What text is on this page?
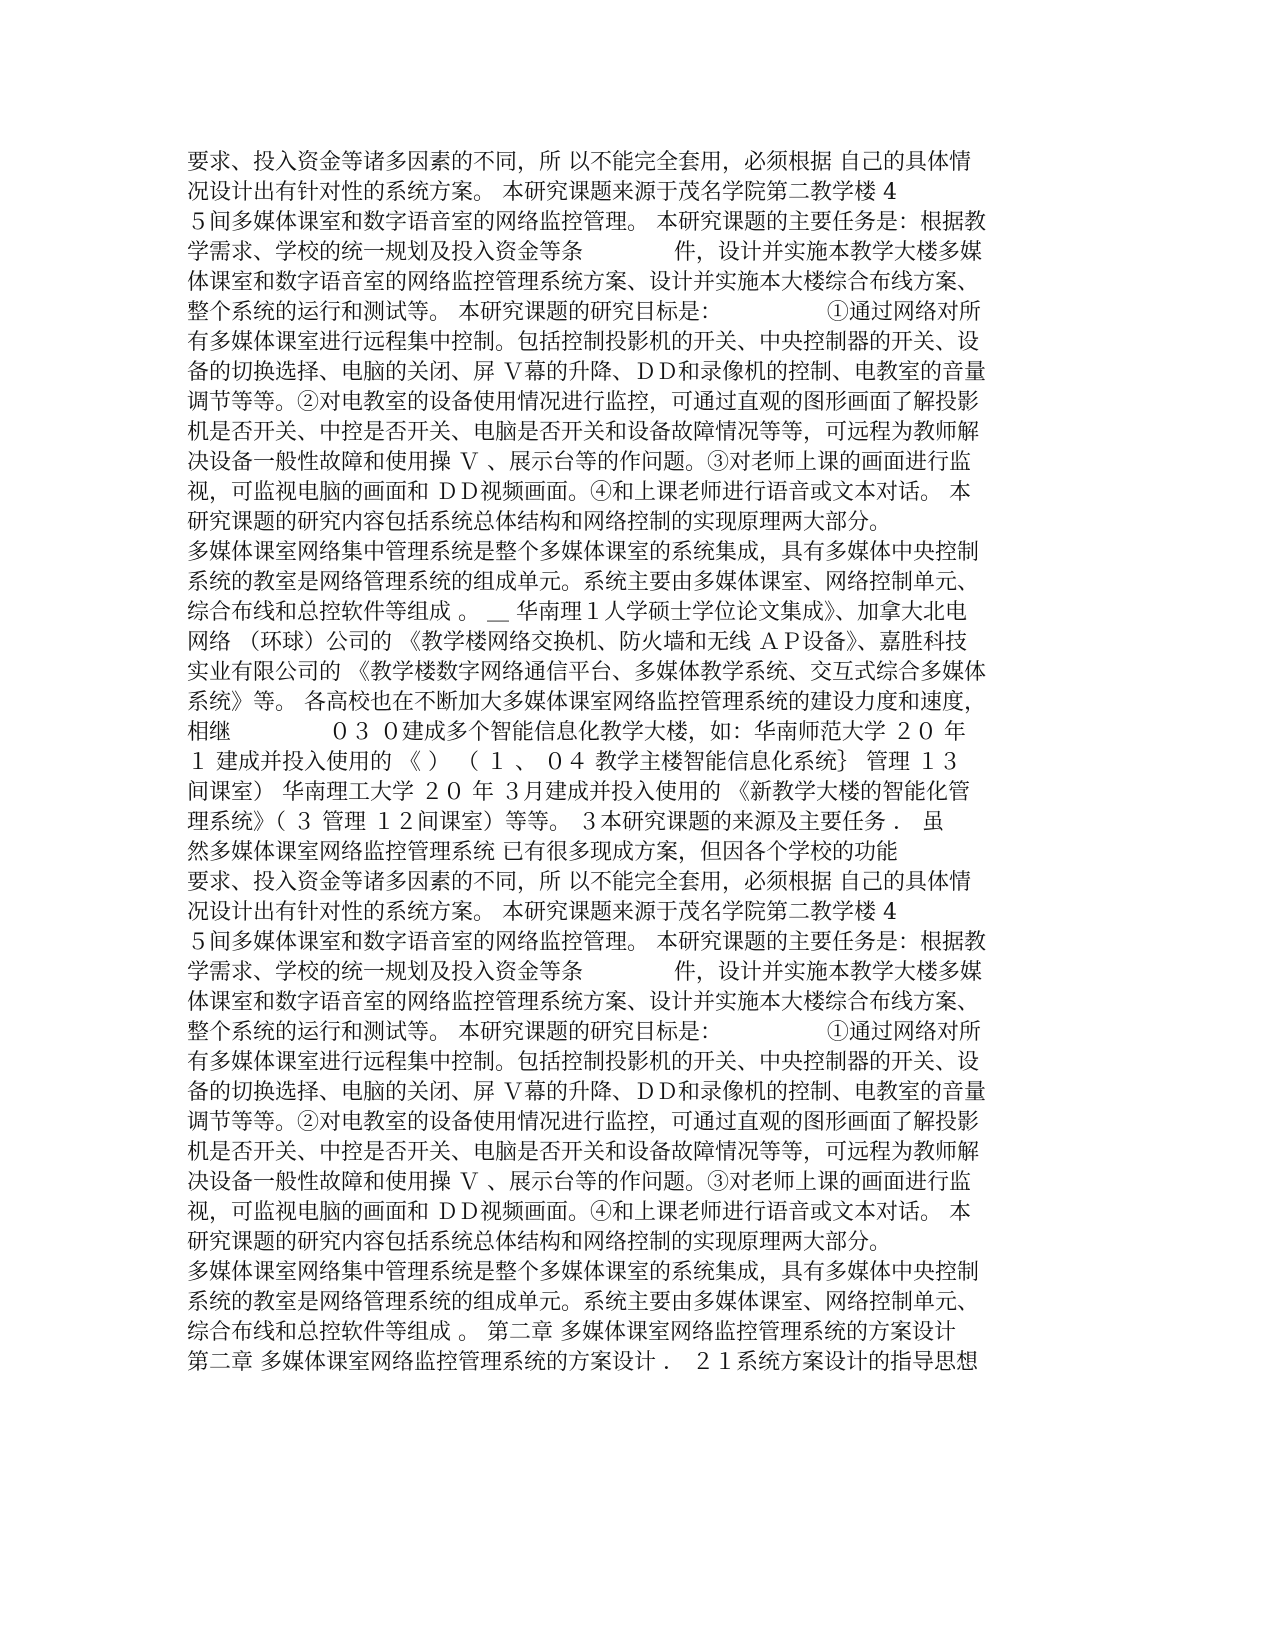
要求、投入资金等诸多因素的不同，所 以不能完全套用，必须根据 自己的具体情
况设计出有针对性的系统方案。 本研究课题来源于茂名学院第二教学楼 4
５间多媒体课室和数字语音室的网络监控管理。 本研究课题的主要任务是：根据教
学需求、学校的统一规划及投入资金等条             件，设计并实施本教学大楼多媒
体课室和数字语音室的网络监控管理系统方案、设计并实施本大楼综合布线方案、
整个系统的运行和测试等。 本研究课题的研究目标是：               ①通过网络对所
有多媒体课室进行远程集中控制。包括控制投影机的开关、中央控制器的开关、设
备的切换选择、电脑的关闭、屏 Ｖ幕的升降、ＤＤ和录像机的控制、电教室的音量
调节等等。②对电教室的设备使用情况进行监控，可通过直观的图形画面了解投影
机是否开关、中控是否开关、电脑是否开关和设备故障情况等等，可远程为教师解
决设备一般性故障和使用操 Ｖ 、展示台等的作问题。③对老师上课的画面进行监
视，可监视电脑的画面和 ＤＤ视频画面。④和上课老师进行语音或文本对话。 本
研究课题的研究内容包括系统总体结构和网络控制的实现原理两大部分。
多媒体课室网络集中管理系统是整个多媒体课室的系统集成，具有多媒体中央控制
系统的教室是网络管理系统的组成单元。系统主要由多媒体课室、网络控制单元、
综合布线和总控软件等组成 。 ＿ 华南理１人学硕士学位论文集成》、加拿大北电
网络 （环球）公司的 《教学楼网络交换机、防火墙和无线 ＡＰ设备》、嘉胜科技
实业有限公司的 《教学楼数字网络通信平台、多媒体教学系统、交互式综合多媒体
系统》等。 各高校也在不断加大多媒体课室网络监控管理系统的建设力度和速度，
相继              ０３ ０建成多个智能信息化教学大楼，如：华南师范大学 ２０ 年
１ 建成并投入使用的 《 ） （ １ 、 ０４ 教学主楼智能信息化系统｝ 管理 １３
间课室） 华南理工大学 ２０ 年 ３月建成并投入使用的 《新教学大楼的智能化管
理系统》（ ３ 管理 １２间课室）等等。 ３本研究课题的来源及主要任务 ． 虽
然多媒体课室网络监控管理系统 已有很多现成方案，但因各个学校的功能
要求、投入资金等诸多因素的不同，所 以不能完全套用，必须根据 自己的具体情
况设计出有针对性的系统方案。 本研究课题来源于茂名学院第二教学楼 4
５间多媒体课室和数字语音室的网络监控管理。 本研究课题的主要任务是：根据教
学需求、学校的统一规划及投入资金等条             件，设计并实施本教学大楼多媒
体课室和数字语音室的网络监控管理系统方案、设计并实施本大楼综合布线方案、
整个系统的运行和测试等。 本研究课题的研究目标是：               ①通过网络对所
有多媒体课室进行远程集中控制。包括控制投影机的开关、中央控制器的开关、设
备的切换选择、电脑的关闭、屏 Ｖ幕的升降、ＤＤ和录像机的控制、电教室的音量
调节等等。②对电教室的设备使用情况进行监控，可通过直观的图形画面了解投影
机是否开关、中控是否开关、电脑是否开关和设备故障情况等等，可远程为教师解
决设备一般性故障和使用操 Ｖ 、展示台等的作问题。③对老师上课的画面进行监
视，可监视电脑的画面和 ＤＤ视频画面。④和上课老师进行语音或文本对话。 本
研究课题的研究内容包括系统总体结构和网络控制的实现原理两大部分。
多媒体课室网络集中管理系统是整个多媒体课室的系统集成，具有多媒体中央控制
系统的教室是网络管理系统的组成单元。系统主要由多媒体课室、网络控制单元、
综合布线和总控软件等组成 。 第二章 多媒体课室网络监控管理系统的方案设计
第二章 多媒体课室网络监控管理系统的方案设计 ． ２１系统方案设计的指导思想
